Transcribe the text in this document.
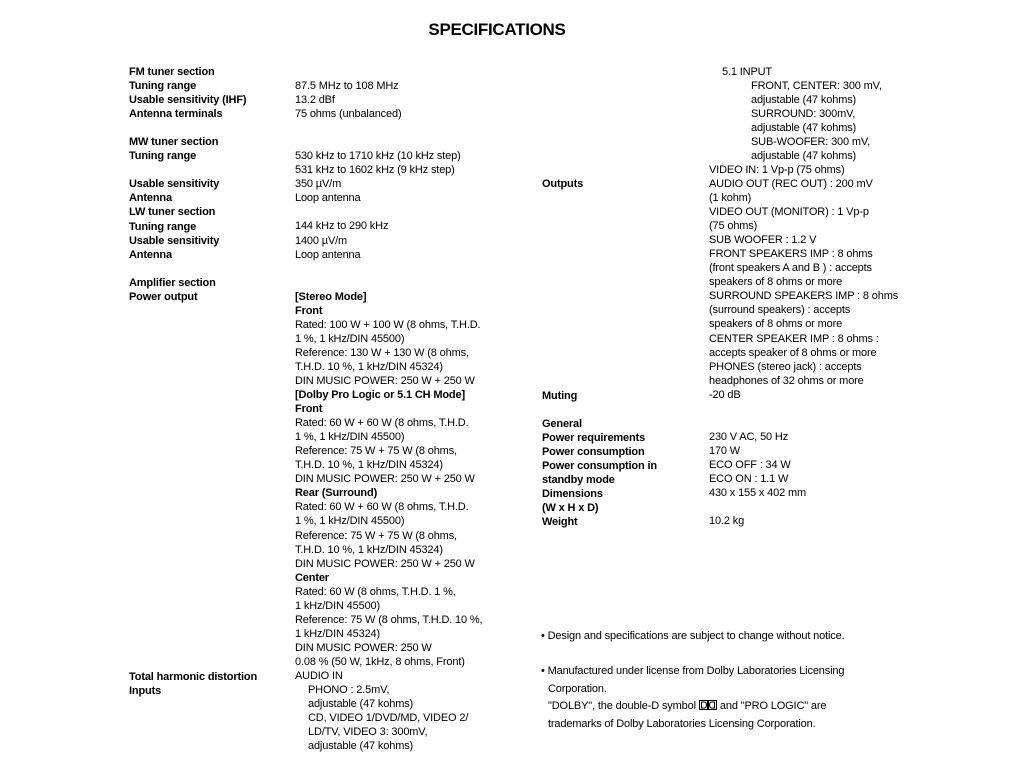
SPECIFICATIONS
FM tuner section
Tuning range
Usable sensitivity (IHF)
Antenna terminals
MW tuner section
Tuning range
Usable sensitivity
Antenna
LW tuner section
Tuning range
Usable sensitivity
Antenna
Amplifier section
Power output
Total harmonic distortion
Inputs
87.5 MHz to 108 MHz
13.2 dBf
75 ohms (unbalanced)
530 kHz to 1710 kHz (10 kHz step)
531 kHz to 1602 kHz (9 kHz step)
350 µV/m
Loop antenna
144 kHz to 290 kHz
1400 µV/m
Loop antenna
[Stereo Mode]
Front
Rated: 100 W + 100 W (8 ohms, T.H.D.
1 %, 1 kHz/DIN 45500)
Reference: 130 W + 130 W (8 ohms,
T.H.D. 10 %, 1 kHz/DIN 45324)
DIN MUSIC POWER: 250 W + 250 W
[Dolby Pro Logic or 5.1 CH Mode]
Front
Rated: 60 W + 60 W (8 ohms, T.H.D.
1 %, 1 kHz/DIN 45500)
Reference: 75 W + 75 W (8 ohms,
T.H.D. 10 %, 1 kHz/DIN 45324)
DIN MUSIC POWER: 250 W + 250 W
Rear (Surround)
Rated: 60 W + 60 W (8 ohms, T.H.D.
1 %, 1 kHz/DIN 45500)
Reference: 75 W + 75 W (8 ohms,
T.H.D. 10 %, 1 kHz/DIN 45324)
DIN MUSIC POWER: 250 W + 250 W
Center
Rated: 60 W (8 ohms, T.H.D. 1 %,
1 kHz/DIN 45500)
Reference: 75 W (8 ohms, T.H.D. 10 %,
1 kHz/DIN 45324)
DIN MUSIC POWER: 250 W
0.08 % (50 W, 1kHz, 8 ohms, Front)
AUDIO IN
PHONO : 2.5mV,
adjustable (47 kohms)
CD, VIDEO 1/DVD/MD, VIDEO 2/
LD/TV, VIDEO 3: 300mV,
adjustable (47 kohms)
5.1 INPUT
FRONT, CENTER: 300 mV,
adjustable (47 kohms)
SURROUND: 300mV,
adjustable (47 kohms)
SUB-WOOFER: 300 mV,
adjustable (47 kohms)
VIDEO IN: 1 Vp-p (75 ohms)
Outputs
Muting
General
Power requirements
Power consumption
Power consumption in
standby mode
Dimensions
(W x H x D)
Weight
AUDIO OUT (REC OUT) : 200 mV
(1 kohm)
VIDEO OUT (MONITOR) : 1 Vp-p
(75 ohms)
SUB WOOFER : 1.2 V
FRONT SPEAKERS IMP : 8 ohms
(front speakers A and B ) : accepts
speakers of 8 ohms or more
SURROUND SPEAKERS IMP : 8 ohms
(surround speakers) : accepts
speakers of 8 ohms or more
CENTER SPEAKER IMP : 8 ohms :
accepts speaker of 8 ohms or more
PHONES (stereo jack) : accepts
headphones of 32 ohms or more
-20 dB
230 V AC, 50 Hz
170 W
ECO OFF : 34 W
ECO ON : 1.1 W
430 x 155 x 402 mm
10.2 kg
• Design and specifications are subject to change without notice.
• Manufactured under license from Dolby Laboratories Licensing
Corporation.
"DOLBY", the double-D symbol and "PRO LOGIC" are
trademarks of Dolby Laboratories Licensing Corporation.
